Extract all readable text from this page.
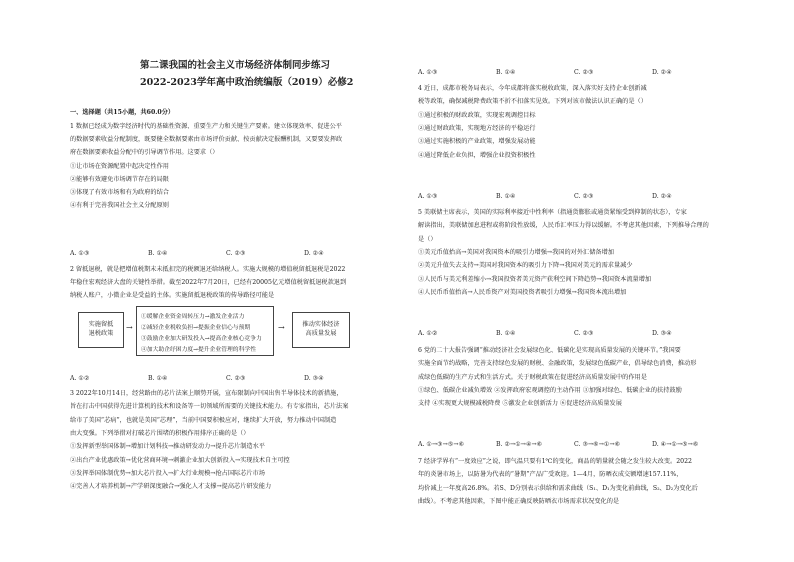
第二课我国的社会主义市场经济体制同步练习
2022-2023学年高中政治统编版（2019）必修2
一、选择题（共15小题，共60.0分）
1 数据已经成为数字经济时代的基础性资源、重要生产力和关键生产要素。建立体现效率、促进公平
的数据要素收益分配制度，既要健全数据要素由市场评价贡献、按贡献决定报酬机制，又要要发挥政
府在数据要素收益分配中的引导调节作用。这要求（）
①让市场在资源配置中起决定性作用
②能够有效避免市场调节存在的局限
③体现了有效市场和有为政府的结合
④有利于完善我国社会主义分配原则
A. ①③	B. ①④	C. ②③	D. ②④
2 留抵退税，就是把增值税期末未抵扣完的税额退还给纳税人。实施大规模的增值税留抵退税是2022
年稳住宏观经济大盘的关键性举措。截至2022年7月20日，已经有20005亿元增值税留抵退税款退到
纳税人账户，小微企业是受益的主体。实施留抵退税政策的传导路径可能是
实施留抵
退税政策
→
①缓解企业资金周转压力→激发企业活力
②减轻企业税收负担→提振企业信心与预期
③鼓励企业加大研发投入→提高企业核心竞争力
④加大助企纾困力度→提升企业管理的科学性
→	推动实体经济
高质量发展
A. ①②	B. ①④	C. ②③	D. ③④
3 2022年10月14日，经营路由的芯片法案上顺势开展，宣布限制向中国出售半导体技术的新措施，
旨在打击中国获得先进计算机的技术和设备等一切领域所需要的关键技术能力。有专家指出，芯片法案
给市了美国“芯病”，也就是美国“芯理”，当前中国要积极应对，继续扩大开放，努力推动中国制造
由大变强。下列举措对打破芯片围堵的积极作用排序正确的是（）
①发挥新型举国体制→增加计划科技→推动研发动力→提升芯片制造水平
②出台产业优惠政策→优化营商环境→刺激企业加大创新投入→实现技术自主可控
③发挥举国体制优势→加大芯片投入→扩大行业规模→抢占国际芯片市场
④完善人才培养机制→产学研深度融合→强化人才支撑→提高芯片研发能力
A. ①③	B. ①④	C. ②③	D. ②④
4 近日，成都市税务局表示，今年成都将落实税收政策，深入落实好支持企业创新减
税等政策，确保减税降费政策不折不扣落实见效。下列对该市做法认识正确的是（）
①通过积极的财政政策，实现宏观调控目标
②通过财政政策，实现地方经济的平稳运行
③通过实施积极的产业政策，增强发展动能
④通过降低企业负担，增强企业投资积极性
A. ①③	B. ①④	C. ②③	D. ②④
5 美联储主席表示，美国的实际利率接近中性利率（指通货膨胀或通货紧缩受到抑制的状态），专家
解读指出，美联储加息进程或将阶段性放缓，人民币汇率压力得以缓解。不考虑其他因素，下列推导合理的
是（）
①美元币值抬高→美国对我国资本的吸引力增强→我国的对外汇储备增加
②美元升值失去支持→美国对我国资本的吸引力下降→我国对美元的需求量减少
③人民币与美元利差缩小→我国投资者美元资产获利空间下降趋势→我国资本流量增加
④人民币币值抬高→人民币资产对美国投资者吸引力增强→我国资本流出增加
A. ①②	B. ①④	C. ②③	D. ③④
6 党的二十大报告强调“推动经济社会发展绿色化、低碳化是实现高质量发展的关键环节。”我国要
实施全面节约战略，完善支持绿色发展的财税、金融政策，发展绿色低碳产业，倡导绿色消费，推动形
成绿色低碳的生产方式和生活方式。关于财税政策在促进经济高质量发展中的作用是
①绿色、低碳企业减负增效 ②发挥政府宏观调控的主动作用 ③加强对绿色、低碳企业的扶持鼓励
支持 ④实现更大规模减税降费 ⑤激发企业创新活力 ⑥促进经济高质量发展
A. ①→③→⑤→⑥	B. ②→①→④→⑥	C. ③→⑥→①→⑥	D. ④→①→⑤→⑥
7 经济学界有“一度效应”之说，即气温只要有1℃的变化，商品的销量就会随之发生较大改变。2022
年的炎暑市场上，以防暑为代表的“暑期”产品广受欢迎。1—4月，防晒衣成交额增速157.11%，
均价减上一年度高26.8%。若S、D分别表示供给和需求曲线（S₁、D₁为变化前曲线，S₂、D₂为变化后
曲线）。不考虑其他因素，下图中能正确反映防晒衣市场需求状况变化的是
